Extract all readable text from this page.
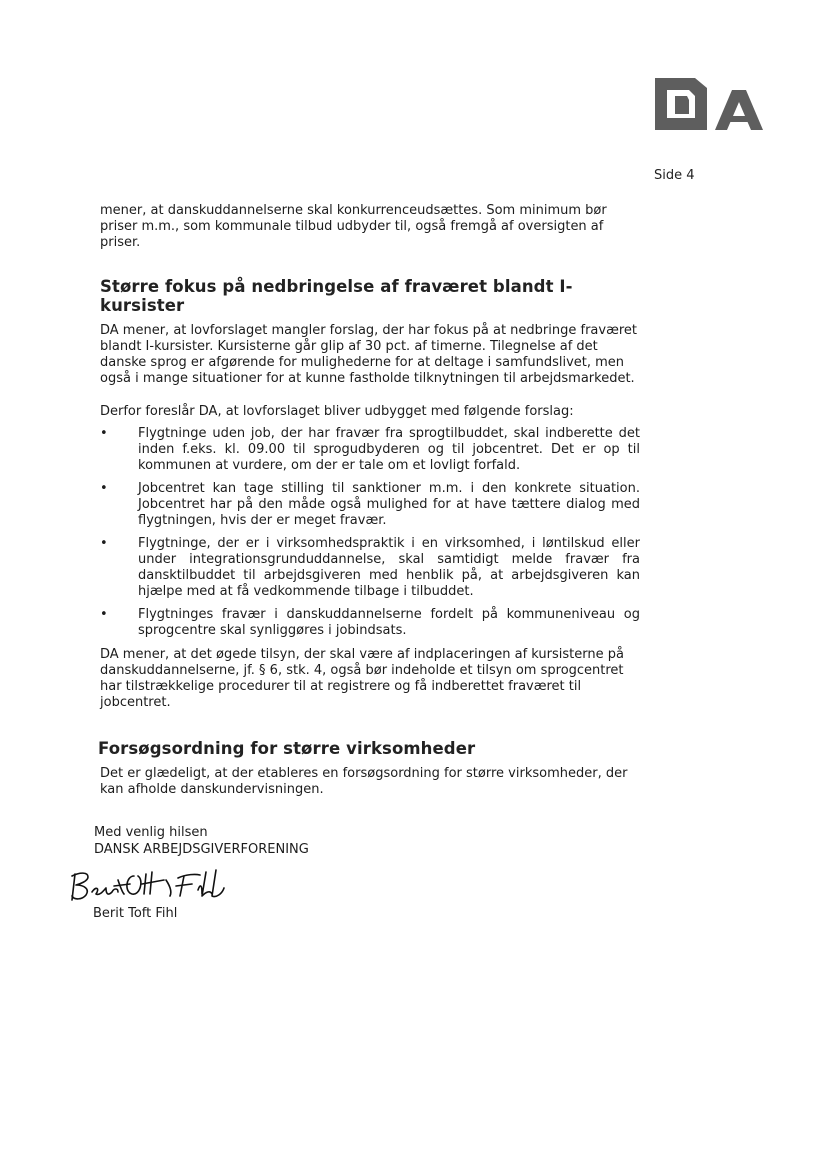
Side 4

mener, at danskuddannelserne skal konkurrenceudsættes. Som minimum bør priser m.m., som kommunale tilbud udbyder til, også fremgå af oversigten af priser.

Større fokus på nedbringelse af fraværet blandt I-kursister

DA mener, at lovforslaget mangler forslag, der har fokus på at nedbringe fraværet blandt I-kursister. Kursisterne går glip af 30 pct. af timerne. Tilegnelse af det danske sprog er afgørende for mulighederne for at deltage i samfundslivet, men også i mange situationer for at kunne fastholde tilknytningen til arbejdsmarkedet.

Derfor foreslår DA, at lovforslaget bliver udbygget med følgende forslag:

• Flygtninge uden job, der har fravær fra sprogtilbuddet, skal indberette det inden f.eks. kl. 09.00 til sprogudbyderen og til jobcentret. Det er op til kommunen at vurdere, om der er tale om et lovligt forfald.
• Jobcentret kan tage stilling til sanktioner m.m. i den konkrete situation. Jobcentret har på den måde også mulighed for at have tættere dialog med flygtningen, hvis der er meget fravær.
• Flygtninge, der er i virksomhedspraktik i en virksomhed, i løntilskud eller under integrationsgrunduddannelse, skal samtidigt melde fravær fra dansktilbuddet til arbejdsgiveren med henblik på, at arbejdsgiveren kan hjælpe med at få vedkommende tilbage i tilbuddet.
• Flygtninges fravær i danskuddannelserne fordelt på kommuneniveau og sprogcentre skal synliggøres i jobindsats.

DA mener, at det øgede tilsyn, der skal være af indplaceringen af kursisterne på danskuddannelserne, jf. § 6, stk. 4, også bør indeholde et tilsyn om sprogcentret har tilstrækkelige procedurer til at registrere og få indberettet fraværet til jobcentret.

Forsøgsordning for større virksomheder

Det er glædeligt, at der etableres en forsøgsordning for større virksomheder, der kan afholde danskundervisningen.

Med venlig hilsen

DANSK ARBEJDSGIVERFORENING

Berit Toft Fihl
